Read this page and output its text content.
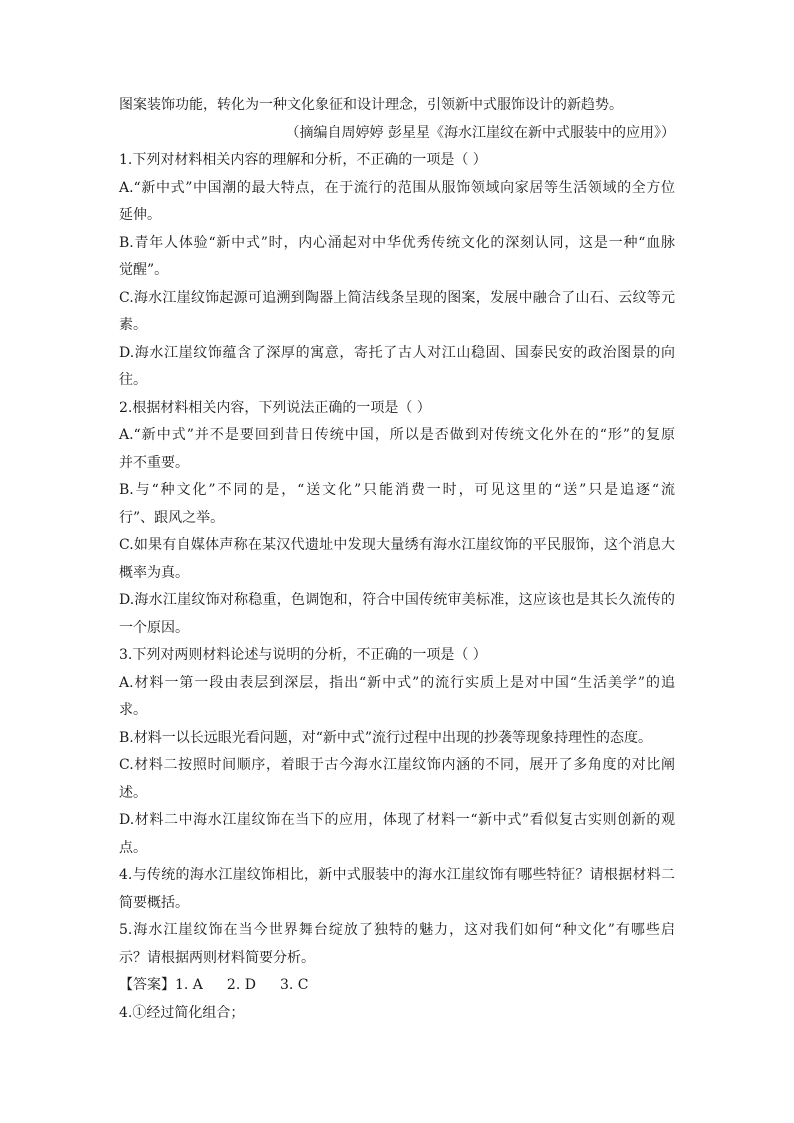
图案装饰功能，转化为一种文化象征和设计理念，引领新中式服饰设计的新趋势。
（摘编自周婷婷 彭星星《海水江崖纹在新中式服装中的应用》）
1.下列对材料相关内容的理解和分析，不正确的一项是（ ）
A.“新中式”中国潮的最大特点，在于流行的范围从服饰领域向家居等生活领域的全方位
延伸。
B.青年人体验“新中式”时，内心涌起对中华优秀传统文化的深刻认同，这是一种“血脉
觉醒”。
C.海水江崖纹饰起源可追溯到陶器上简洁线条呈现的图案，发展中融合了山石、云纹等元
素。
D.海水江崖纹饰蕴含了深厚的寓意，寄托了古人对江山稳固、国泰民安的政治图景的向
往。
2.根据材料相关内容，下列说法正确的一项是（ ）
A.“新中式”并不是要回到昔日传统中国，所以是否做到对传统文化外在的“形”的复原
并不重要。
B.与“种文化”不同的是，“送文化”只能消费一时，可见这里的“送”只是追逐“流
行”、跟风之举。
C.如果有自媒体声称在某汉代遗址中发现大量绣有海水江崖纹饰的平民服饰，这个消息大
概率为真。
D.海水江崖纹饰对称稳重，色调饱和，符合中国传统审美标准，这应该也是其长久流传的
一个原因。
3.下列对两则材料论述与说明的分析，不正确的一项是（ ）
A.材料一第一段由表层到深层，指出“新中式”的流行实质上是对中国“生活美学”的追
求。
B.材料一以长远眼光看问题，对“新中式”流行过程中出现的抄袭等现象持理性的态度。
C.材料二按照时间顺序，着眼于古今海水江崖纹饰内涵的不同，展开了多角度的对比阐
述。
D.材料二中海水江崖纹饰在当下的应用，体现了材料一“新中式”看似复古实则创新的观
点。
4.与传统的海水江崖纹饰相比，新中式服装中的海水江崖纹饰有哪些特征？请根据材料二
简要概括。
5.海水江崖纹饰在当今世界舞台绽放了独特的魅力，这对我们如何“种文化”有哪些启
示？请根据两则材料简要分析。
【答案】1. A 2. D 3. C
4.①经过简化组合；
